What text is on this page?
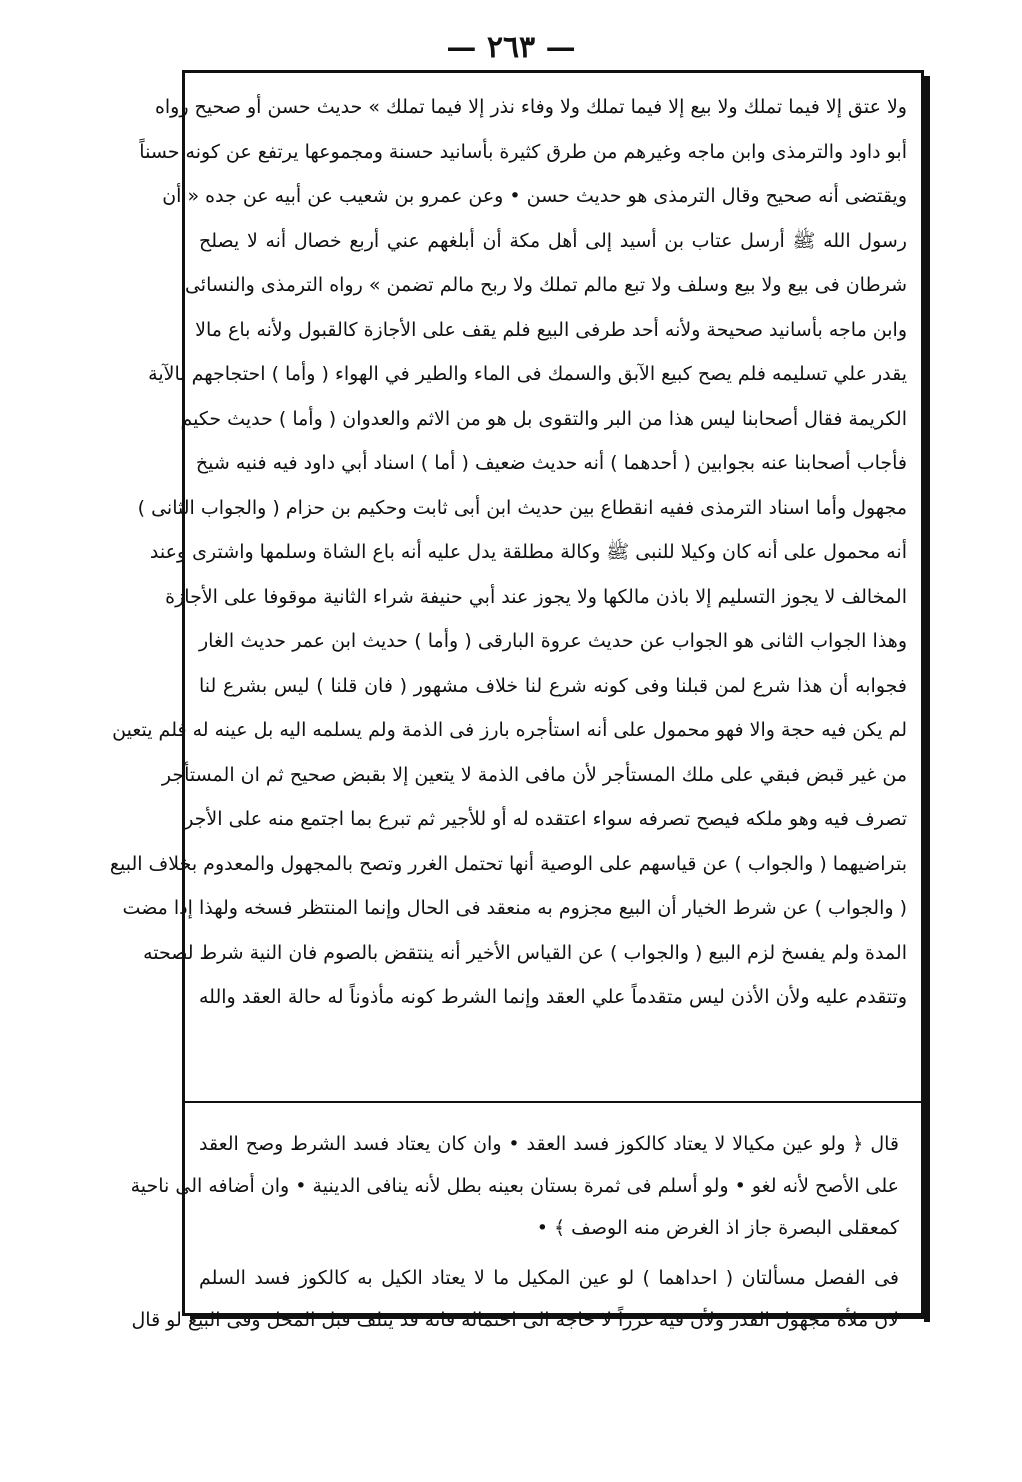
— ٢٦٣ —
ولا عتق إلا فيما تملك ولا بيع إلا فيما تملك ولا وفاء نذر إلا فيما تملك » حديث حسن أو صحيح رواه
أبو داود والترمذى وابن ماجه وغيرهم من طرق كثيرة بأسانيد حسنة ومجموعها يرتفع عن كونه حسناً
ويقتضى أنه صحيح وقال الترمذى هو حديث حسن • وعن عمرو بن شعيب عن أبيه عن جده « أن
رسول الله ﷺ أرسل عتاب بن أسيد إلى أهل مكة أن أبلغهم عني أربع خصال أنه لا يصلح
شرطان فى بيع ولا بيع وسلف ولا تبع مالم تملك ولا ربح مالم تضمن » رواه الترمذى والنسائى
وابن ماجه بأسانيد صحيحة ولأنه أحد طرفى البيع فلم يقف على الأجازة كالقبول ولأنه باع مالا
يقدر علي تسليمه فلم يصح كبيع الآبق والسمك فى الماء والطير في الهواء ( وأما ) احتجاجهم بالآية
الكريمة فقال أصحابنا ليس هذا من البر والتقوى بل هو من الاثم والعدوان ( وأما ) حديث حكيم
فأجاب أصحابنا عنه بجوابين ( أحدهما ) أنه حديث ضعيف ( أما ) اسناد أبي داود فيه فنيه شيخ
مجهول وأما اسناد الترمذى ففيه انقطاع بين حديث ابن أبى ثابت وحكيم بن حزام ( والجواب الثانى )
أنه محمول على أنه كان وكيلا للنبى ﷺ وكالة مطلقة يدل عليه أنه باع الشاة وسلمها واشترى وعند
المخالف لا يجوز التسليم إلا باذن مالكها ولا يجوز عند أبي حنيفة شراء الثانية موقوفا على الأجازة
وهذا الجواب الثانى هو الجواب عن حديث عروة البارقى ( وأما ) حديث ابن عمر حديث الغار
فجوابه أن هذا شرع لمن قبلنا وفى كونه شرع لنا خلاف مشهور ( فان قلنا ) ليس بشرع لنا
لم يكن فيه حجة والا فهو محمول على أنه استأجره بارز فى الذمة ولم يسلمه اليه بل عينه له فلم يتعين
من غير قبض فبقي على ملك المستأجر لأن مافى الذمة لا يتعين إلا بقبض صحيح ثم ان المستأجر
تصرف فيه وهو ملكه فيصح تصرفه سواء اعتقده له أو للأجير ثم تبرع بما اجتمع منه على الأجر
بتراضيهما ( والجواب ) عن قياسهم على الوصية أنها تحتمل الغرر وتصح بالمجهول والمعدوم بخلاف البيع
( والجواب ) عن شرط الخيار أن البيع مجزوم به منعقد فى الحال وإنما المنتظر فسخه ولهذا إذا مضت
المدة ولم يفسخ لزم البيع ( والجواب ) عن القياس الأخير أنه ينتقض بالصوم فان النية شرط لصحته
وتتقدم عليه ولأن الأذن ليس متقدماً علي العقد وإنما الشرط كونه مأذوناً له حالة العقد والله
قال ﴿ ولو عين مكيالا لا يعتاد كالكوز فسد العقد • وان كان يعتاد فسد الشرط وصح العقد
على الأصح لأنه لغو • ولو أسلم فى ثمرة بستان بعينه بطل لأنه ينافى الدينية • وان أضافه الى ناحية
كمعقلى البصرة جاز اذ الغرض منه الوصف ﴾ •
فى الفصل مسألتان ( احداهما ) لو عين المكيل ما لا يعتاد الكيل به كالكوز فسد السلم
لان ملأه مجهول القدر ولأن فيه غرراً لا حاجة الى احتماله فانه قد يتلف قبل المحل وفى البيع لو قال
